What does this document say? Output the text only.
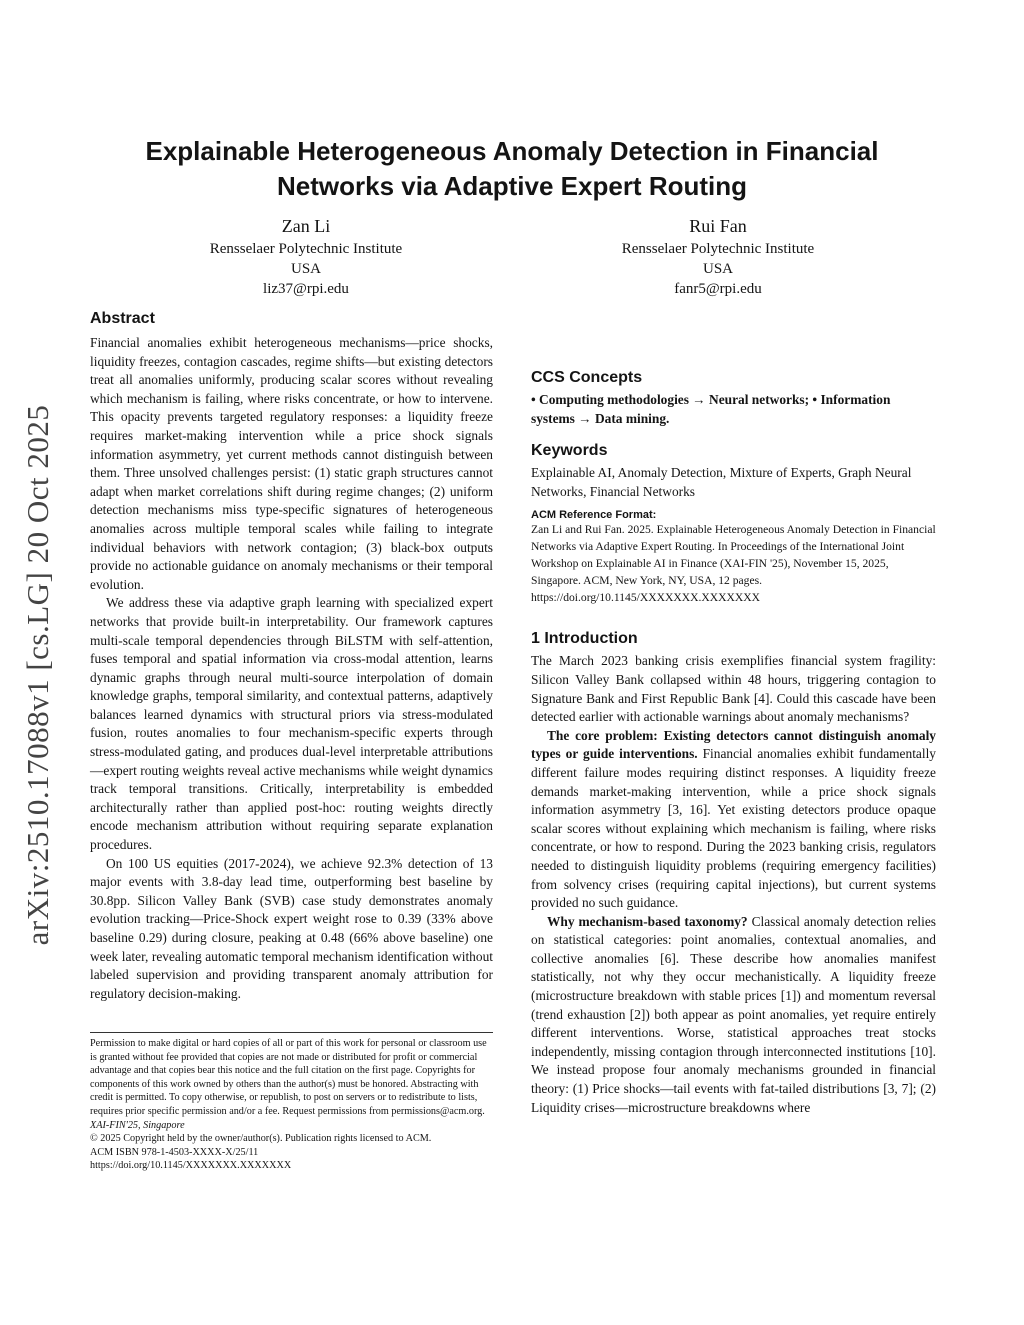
arXiv:2510.17088v1 [cs.LG] 20 Oct 2025
Explainable Heterogeneous Anomaly Detection in Financial Networks via Adaptive Expert Routing
Zan Li
Rensselaer Polytechnic Institute
USA
liz37@rpi.edu
Rui Fan
Rensselaer Polytechnic Institute
USA
fanr5@rpi.edu
Abstract

Financial anomalies exhibit heterogeneous mechanisms—price shocks, liquidity freezes, contagion cascades, regime shifts—but existing detectors treat all anomalies uniformly, producing scalar scores without revealing which mechanism is failing, where risks concentrate, or how to intervene. This opacity prevents targeted regulatory responses: a liquidity freeze requires market-making intervention while a price shock signals information asymmetry, yet current methods cannot distinguish between them. Three unsolved challenges persist: (1) static graph structures cannot adapt when market correlations shift during regime changes; (2) uniform detection mechanisms miss type-specific signatures of heterogeneous anomalies across multiple temporal scales while failing to integrate individual behaviors with network contagion; (3) black-box outputs provide no actionable guidance on anomaly mechanisms or their temporal evolution.

We address these via adaptive graph learning with specialized expert networks that provide built-in interpretability. Our framework captures multi-scale temporal dependencies through BiLSTM with self-attention, fuses temporal and spatial information via cross-modal attention, learns dynamic graphs through neural multi-source interpolation of domain knowledge graphs, temporal similarity, and contextual patterns, adaptively balances learned dynamics with structural priors via stress-modulated fusion, routes anomalies to four mechanism-specific experts through stress-modulated gating, and produces dual-level interpretable attributions—expert routing weights reveal active mechanisms while weight dynamics track temporal transitions. Critically, interpretability is embedded architecturally rather than applied post-hoc: routing weights directly encode mechanism attribution without requiring separate explanation procedures.

On 100 US equities (2017-2024), we achieve 92.3% detection of 13 major events with 3.8-day lead time, outperforming best baseline by 30.8pp. Silicon Valley Bank (SVB) case study demonstrates anomaly evolution tracking—Price-Shock expert weight rose to 0.39 (33% above baseline 0.29) during closure, peaking at 0.48 (66% above baseline) one week later, revealing automatic temporal mechanism identification without labeled supervision and providing transparent anomaly attribution for regulatory decision-making.

CCS Concepts
• Computing methodologies → Neural networks; • Information systems → Data mining.
Keywords

Explainable AI, Anomaly Detection, Mixture of Experts, Graph Neural Networks, Financial Networks

ACM Reference Format:

Zan Li and Rui Fan. 2025. Explainable Heterogeneous Anomaly Detection in Financial Networks via Adaptive Expert Routing. In Proceedings of the International Joint Workshop on Explainable AI in Finance (XAI-FIN '25), November 15, 2025, Singapore. ACM, New York, NY, USA, 12 pages. https://doi.org/10.1145/XXXXXXX.XXXXXXX

1 Introduction

The March 2023 banking crisis exemplifies financial system fragility: Silicon Valley Bank collapsed within 48 hours, triggering contagion to Signature Bank and First Republic Bank [4]. Could this cascade have been detected earlier with actionable warnings about anomaly mechanisms?

The core problem: Existing detectors cannot distinguish anomaly types or guide interventions. Financial anomalies exhibit fundamentally different failure modes requiring distinct responses. A liquidity freeze demands market-making intervention, while a price shock signals information asymmetry [3, 16]. Yet existing detectors produce opaque scalar scores without explaining which mechanism is failing, where risks concentrate, or how to respond. During the 2023 banking crisis, regulators needed to distinguish liquidity problems (requiring emergency facilities) from solvency crises (requiring capital injections), but current systems provided no such guidance.

Why mechanism-based taxonomy? Classical anomaly detection relies on statistical categories: point anomalies, contextual anomalies, and collective anomalies [6]. These describe how anomalies manifest statistically, not why they occur mechanistically. A liquidity freeze (microstructure breakdown with stable prices [1]) and momentum reversal (trend exhaustion [2]) both appear as point anomalies, yet require entirely different interventions. Worse, statistical approaches treat stocks independently, missing contagion through interconnected institutions [10]. We instead propose four anomaly mechanisms grounded in financial theory: (1) Price shocks—tail events with fat-tailed distributions [3, 7]; (2) Liquidity crises—microstructure breakdowns where

Permission to make digital or hard copies of all or part of this work for personal or classroom use is granted without fee provided that copies are not made or distributed for profit or commercial advantage and that copies bear this notice and the full citation on the first page. Copyrights for components of this work owned by others than the author(s) must be honored. Abstracting with credit is permitted. To copy otherwise, or republish, to post on servers or to redistribute to lists, requires prior specific permission and/or a fee. Request permissions from permissions@acm.org.
XAI-FIN'25, Singapore
© 2025 Copyright held by the owner/author(s). Publication rights licensed to ACM.
ACM ISBN 978-1-4503-XXXX-X/25/11
https://doi.org/10.1145/XXXXXXX.XXXXXXX
